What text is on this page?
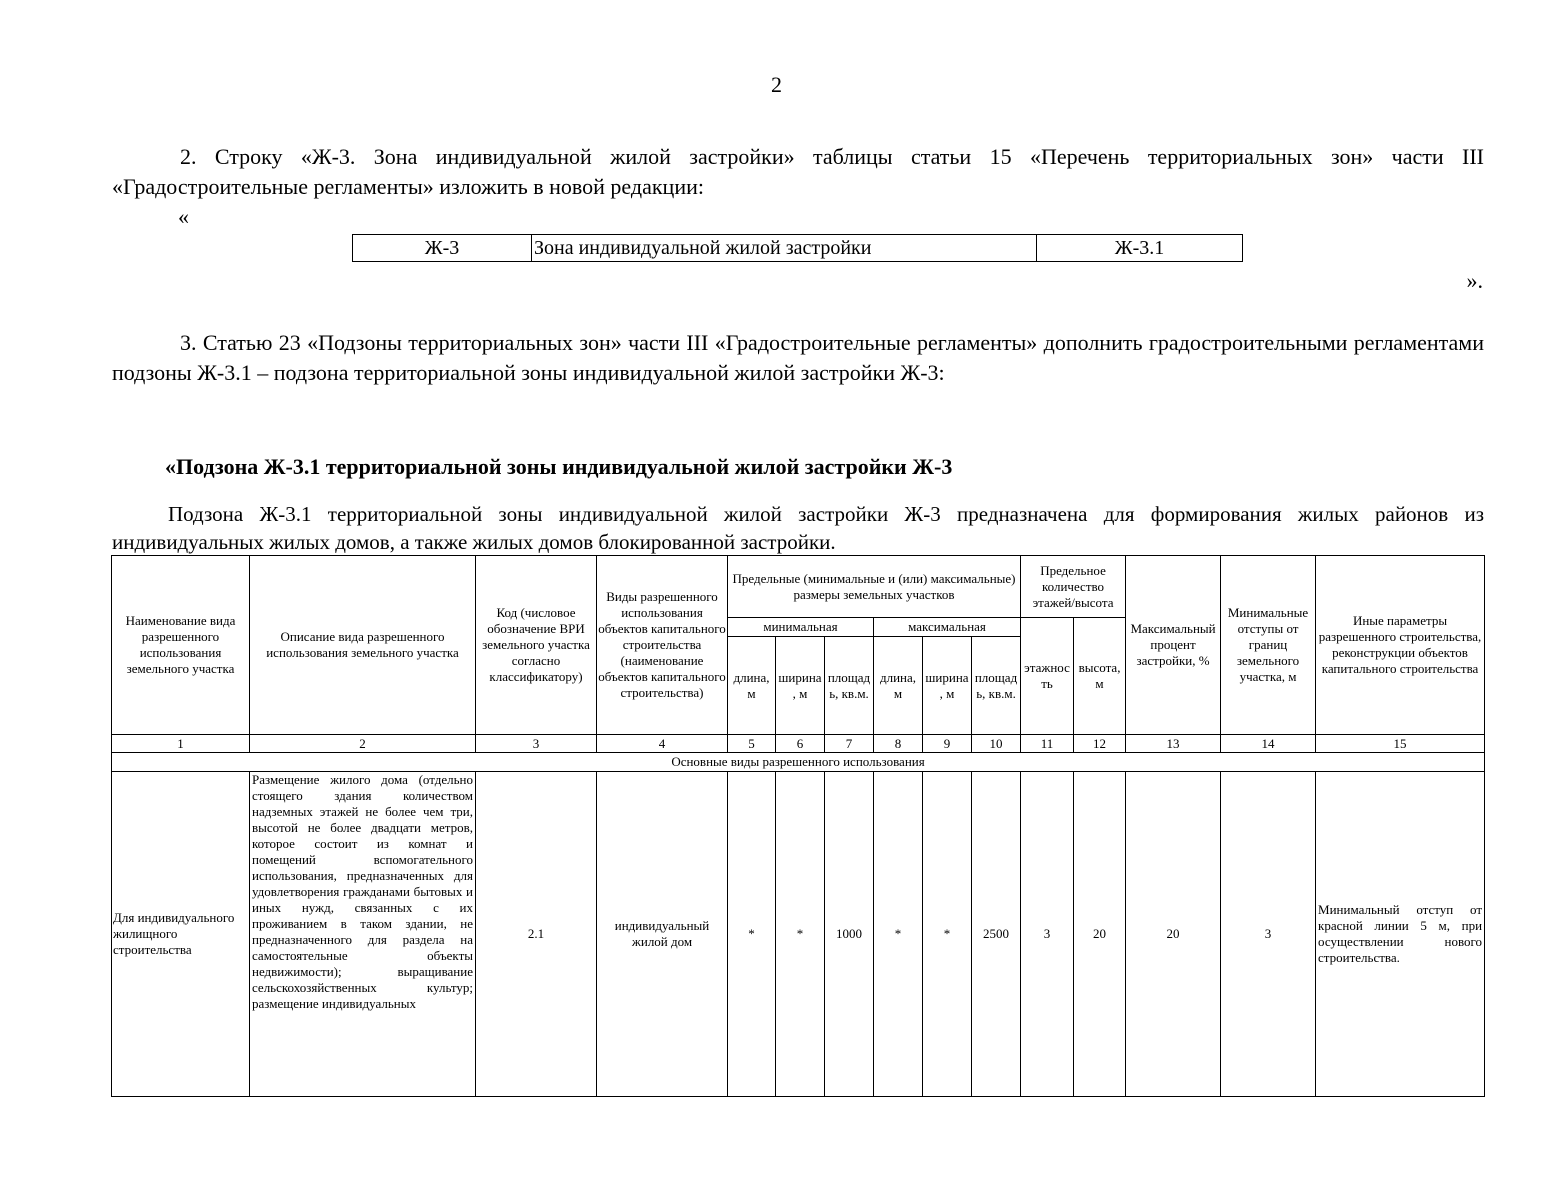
2

2. Строку «Ж-3. Зона индивидуальной жилой застройки» таблицы статьи 15 «Перечень территориальных зон» части III «Градостроительные регламенты» изложить в новой редакции:

«
Ж-3	Зона индивидуальной жилой застройки	Ж-3.1
».

3. Статью 23 «Подзоны территориальных зон» части III «Градостроительные регламенты» дополнить градостроительными регламентами подзоны Ж-3.1 – подзона территориальной зоны индивидуальной жилой застройки Ж-3:

«Подзона Ж-3.1 территориальной зоны индивидуальной жилой застройки Ж-3

Подзона Ж-3.1 территориальной зоны индивидуальной жилой застройки Ж-3 предназначена для формирования жилых районов из индивидуальных жилых домов, а также жилых домов блокированной застройки.

Наименование вида разрешенного использования земельного участка	Описание вида разрешенного использования земельного участка	Код (числовое обозначение ВРИ земельного участка согласно классификатору)	Виды разрешенного использования объектов капитального строительства (наименование объектов капитального строительства)	Предельные (минимальные и (или) максимальные) размеры земельных участков						Предельное количество этажей/высота		Максимальный процент застройки, %	Минимальные отступы от границ земельного участка, м	Иные параметры разрешенного строительства, реконструкции объектов капитального строительства
				минимальная			максимальная			этажность	высота, м			
				длина, м	ширина, м	площадь, кв.м.	длина, м	ширина, м	площадь, кв.м.					
1	2	3	4	5	6	7	8	9	10	11	12	13	14	15
Основные виды разрешенного использования														
Для индивидуального жилищного строительства	Размещение жилого дома (отдельно стоящего здания количеством надземных этажей не более чем три, высотой не более двадцати метров, которое состоит из комнат и помещений вспомогательного использования, предназначенных для удовлетворения гражданами бытовых и иных нужд, связанных с их проживанием в таком здании, не предназначенного для раздела на самостоятельные объекты недвижимости); выращивание сельскохозяйственных культур; размещение индивидуальных	2.1	индивидуальный жилой дом	*	*	1000	*	*	2500	3	20	20	3	Минимальный отступ от красной линии 5 м, при осуществлении нового строительства.
